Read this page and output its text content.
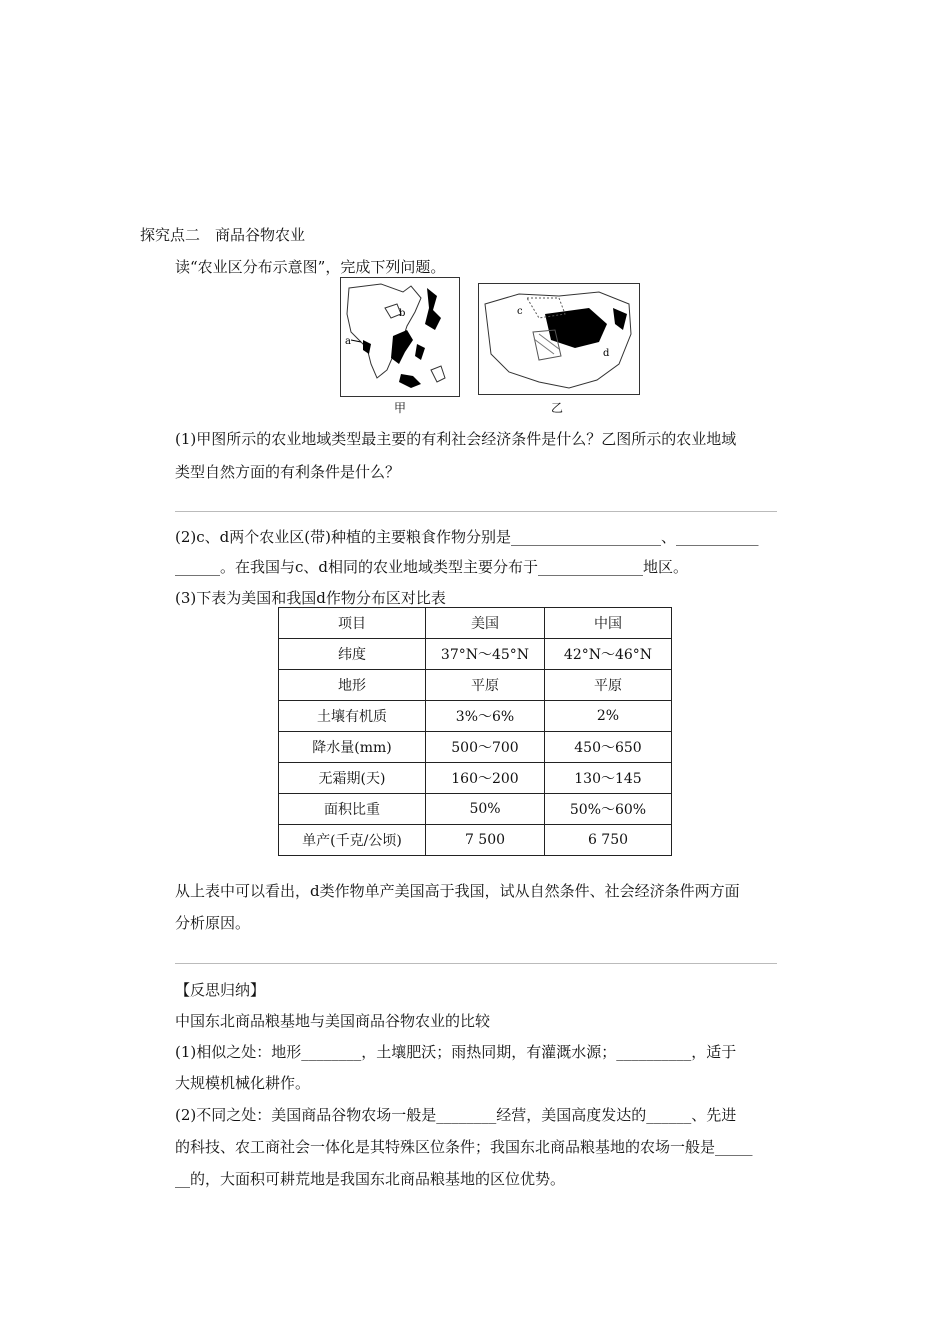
探究点二　商品谷物农业
读“农业区分布示意图”，完成下列问题。
a
b
甲
c
d
乙
(1)甲图所示的农业地域类型最主要的有利社会经济条件是什么？乙图所示的农业地域
类型自然方面的有利条件是什么？
(2)c、d两个农业区(带)种植的主要粮食作物分别是____________________、___________
______。在我国与c、d相同的农业地域类型主要分布于______________地区。
(3)下表为美国和我国d作物分布区对比表
项目	美国	中国
纬度	37°N～45°N	42°N～46°N
地形	平原	平原
土壤有机质	3%～6%	2%
降水量(mm)	500～700	450～650
无霜期(天)	160～200	130～145
面积比重	50%	50%～60%
单产(千克/公顷)	7 500	6 750
从上表中可以看出，d类作物单产美国高于我国，试从自然条件、社会经济条件两方面
分析原因。
【反思归纳】
中国东北商品粮基地与美国商品谷物农业的比较
(1)相似之处：地形________，土壤肥沃；雨热同期，有灌溉水源；__________，适于
大规模机械化耕作。
(2)不同之处：美国商品谷物农场一般是________经营，美国高度发达的______、先进
的科技、农工商社会一体化是其特殊区位条件；我国东北商品粮基地的农场一般是_____
__的，大面积可耕荒地是我国东北商品粮基地的区位优势。
